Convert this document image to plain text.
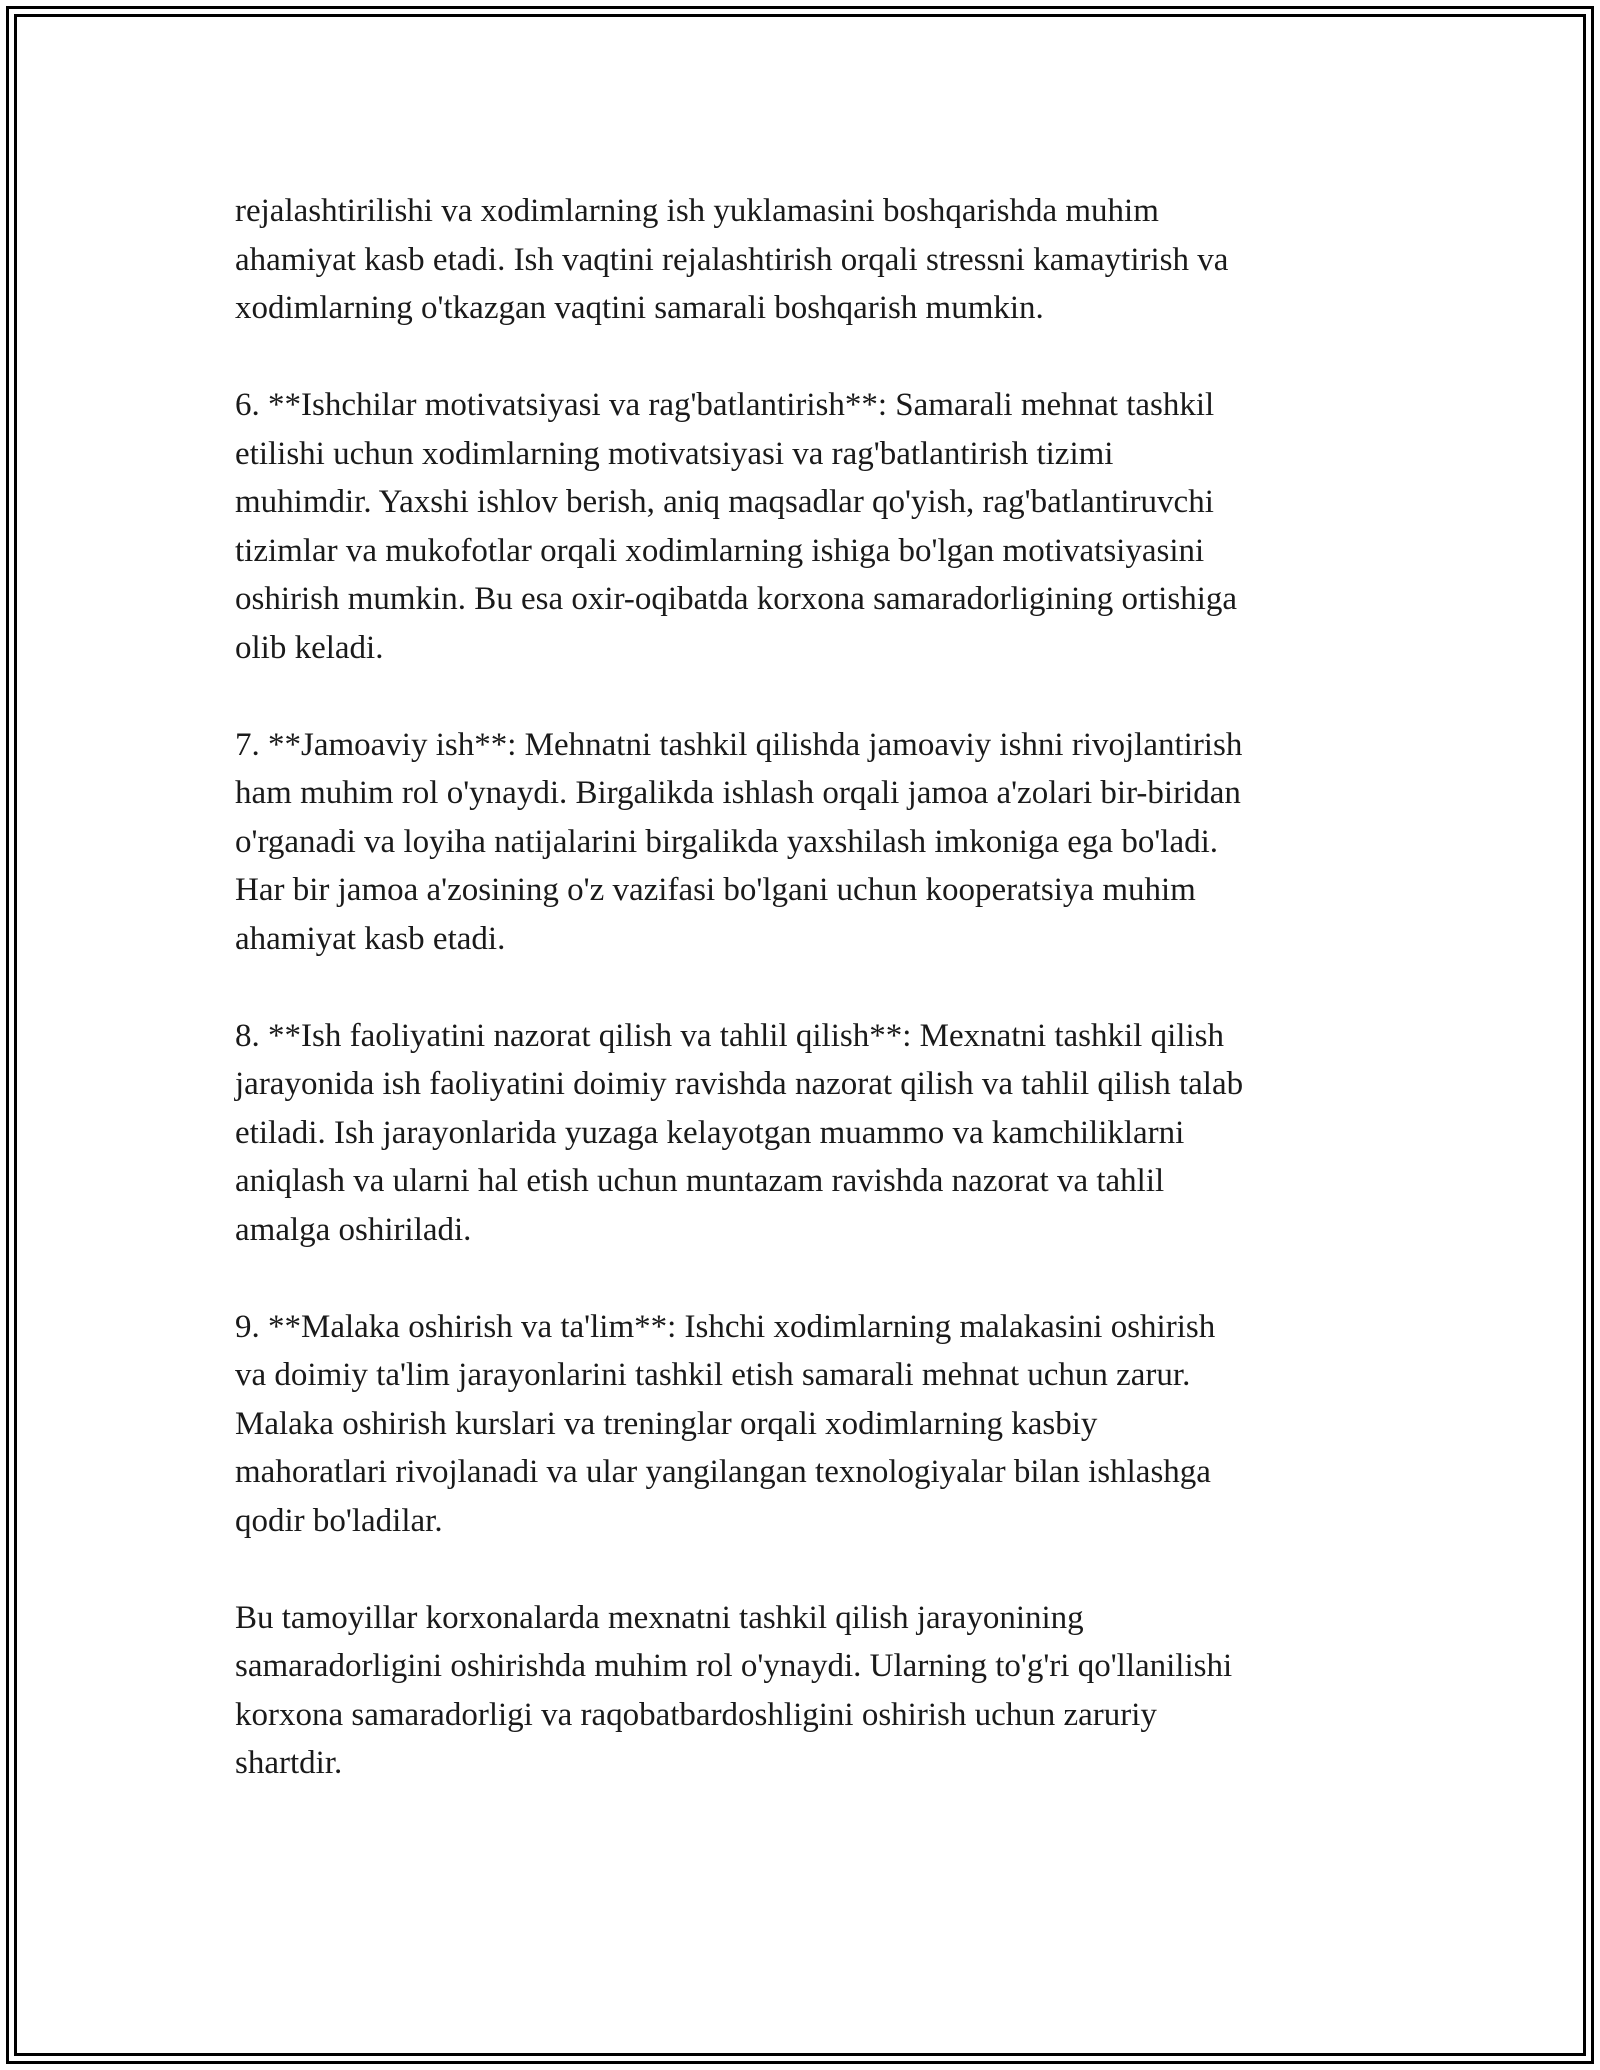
rejalashtirilishi va xodimlarning ish yuklamasini boshqarishda muhim
ahamiyat kasb etadi. Ish vaqtini rejalashtirish orqali stressni kamaytirish va
xodimlarning o'tkazgan vaqtini samarali boshqarish mumkin.

6. **Ishchilar motivatsiyasi va rag'batlantirish**: Samarali mehnat tashkil
etilishi uchun xodimlarning motivatsiyasi va rag'batlantirish tizimi
muhimdir. Yaxshi ishlov berish, aniq maqsadlar qo'yish, rag'batlantiruvchi
tizimlar va mukofotlar orqali xodimlarning ishiga bo'lgan motivatsiyasini
oshirish mumkin. Bu esa oxir-oqibatda korxona samaradorligining ortishiga
olib keladi.

7. **Jamoaviy ish**: Mehnatni tashkil qilishda jamoaviy ishni rivojlantirish
ham muhim rol o'ynaydi. Birgalikda ishlash orqali jamoa a'zolari bir-biridan
o'rganadi va loyiha natijalarini birgalikda yaxshilash imkoniga ega bo'ladi.
Har bir jamoa a'zosining o'z vazifasi bo'lgani uchun kooperatsiya muhim
ahamiyat kasb etadi.

8. **Ish faoliyatini nazorat qilish va tahlil qilish**: Mexnatni tashkil qilish
jarayonida ish faoliyatini doimiy ravishda nazorat qilish va tahlil qilish talab
etiladi. Ish jarayonlarida yuzaga kelayotgan muammo va kamchiliklarni
aniqlash va ularni hal etish uchun muntazam ravishda nazorat va tahlil
amalga oshiriladi.

9. **Malaka oshirish va ta'lim**: Ishchi xodimlarning malakasini oshirish
va doimiy ta'lim jarayonlarini tashkil etish samarali mehnat uchun zarur.
Malaka oshirish kurslari va treninglar orqali xodimlarning kasbiy
mahoratlari rivojlanadi va ular yangilangan texnologiyalar bilan ishlashga
qodir bo'ladilar.

Bu tamoyillar korxonalarda mexnatni tashkil qilish jarayonining
samaradorligini oshirishda muhim rol o'ynaydi. Ularning to'g'ri qo'llanilishi
korxona samaradorligi va raqobatbardoshligini oshirish uchun zaruriy
shartdir.
